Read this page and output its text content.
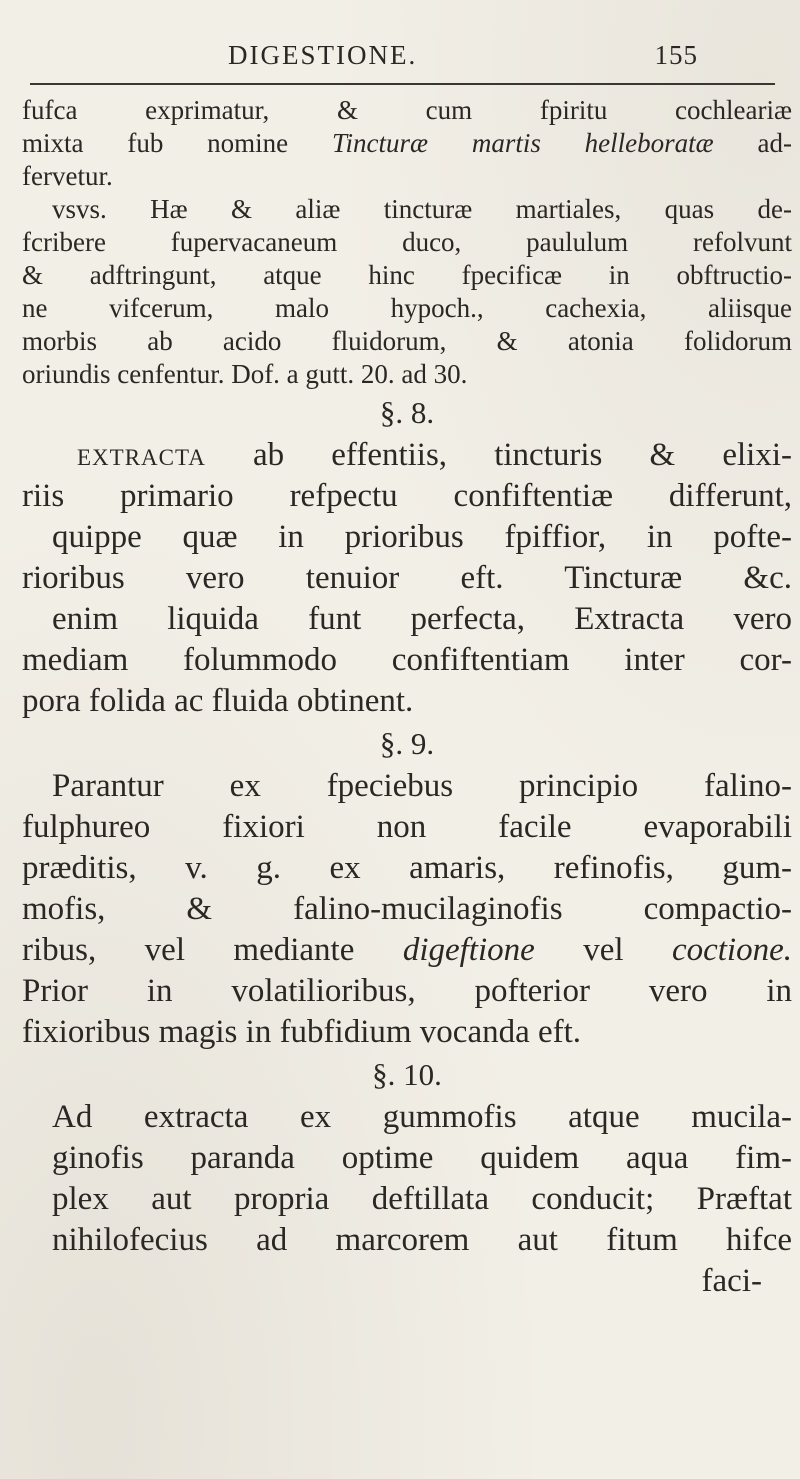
DIGESTIONE.	155
fufca exprimatur, & cum fpiritu cochleariæ
mixta fub nomine Tincturæ martis helleboratæ ad-
fervetur.
vsvs. Hæ & aliæ tincturæ martiales, quas de-
fcribere fupervacaneum duco, paululum refolvunt
& adftringunt, atque hinc fpecificæ in obftructio-
ne vifcerum, malo hypoch., cachexia, aliisque
morbis ab acido fluidorum, & atonia folidorum
oriundis cenfentur. Dof. a gutt. 20. ad 30.
§. 8.
extracta ab effentiis, tincturis & elixi-
riis primario refpectu confiftentiæ differunt,
quippe quæ in prioribus fpiffior, in pofte-
rioribus vero tenuior eft. Tincturæ &c.
enim liquida funt perfecta, Extracta vero
mediam folummodo confiftentiam inter cor-
pora folida ac fluida obtinent.
§. 9.
Parantur ex fpeciebus principio falino-
fulphureo fixiori non facile evaporabili
præditis, v. g. ex amaris, refinofis, gum-
mofis, & falino-mucilaginofis compactio-
ribus, vel mediante digeftione vel coctione.
Prior in volatilioribus, pofterior vero in
fixioribus magis in fubfidium vocanda eft.
§. 10.
Ad extracta ex gummofis atque mucila-
ginofis paranda optime quidem aqua fim-
plex aut propria deftillata conducit; Præftat
nihilofecius ad marcorem aut fitum hifce
faci-
